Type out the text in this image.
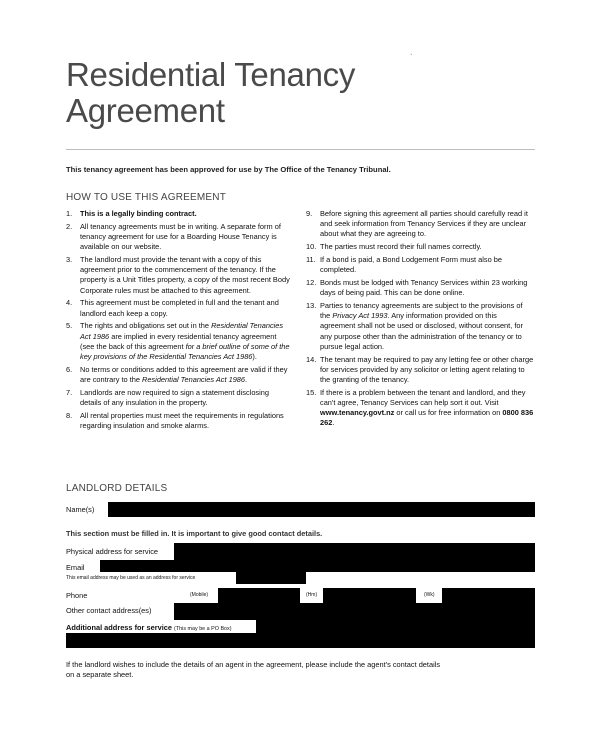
Residential Tenancy
Agreement
ˎ
This tenancy agreement has been approved for use by The Office of the Tenancy Tribunal.
HOW TO USE THIS AGREEMENT
1. This is a legally binding contract.
2. All tenancy agreements must be in writing. A separate form of tenancy agreement for use for a Boarding House Tenancy is available on our website.
3. The landlord must provide the tenant with a copy of this agreement prior to the commencement of the tenancy. If the property is a Unit Titles property, a copy of the most recent Body Corporate rules must be attached to this agreement.
4. This agreement must be completed in full and the tenant and landlord each keep a copy.
5. The rights and obligations set out in the Residential Tenancies Act 1986 are implied in every residential tenancy agreement (see the back of this agreement for a brief outline of some of the key provisions of the Residential Tenancies Act 1986).
6. No terms or conditions added to this agreement are valid if they are contrary to the Residential Tenancies Act 1986.
7. Landlords are now required to sign a statement disclosing details of any insulation in the property.
8. All rental properties must meet the requirements in regulations regarding insulation and smoke alarms.
9. Before signing this agreement all parties should carefully read it and seek information from Tenancy Services if they are unclear about what they are agreeing to.
10. The parties must record their full names correctly.
11. If a bond is paid, a Bond Lodgement Form must also be completed.
12. Bonds must be lodged with Tenancy Services within 23 working days of being paid. This can be done online.
13. Parties to tenancy agreements are subject to the provisions of the Privacy Act 1993. Any information provided on this agreement shall not be used or disclosed, without consent, for any purpose other than the administration of the tenancy or to pursue legal action.
14. The tenant may be required to pay any letting fee or other charge for services provided by any solicitor or letting agent relating to the granting of the tenancy.
15. If there is a problem between the tenant and landlord, and they can't agree, Tenancy Services can help sort it out. Visit www.tenancy.govt.nz or call us for free information on 0800 836 262.
LANDLORD DETAILS
Name(s)
This section must be filled in. It is important to give good contact details.
Physical address for service
Email
This email address may be used as an address for service
Phone	(Mobile)	(Hm)	(Wk)
Other contact address(es)
Additional address for service (This may be a PO Box)
If the landlord wishes to include the details of an agent in the agreement, please include the agent's contact details
on a separate sheet.
